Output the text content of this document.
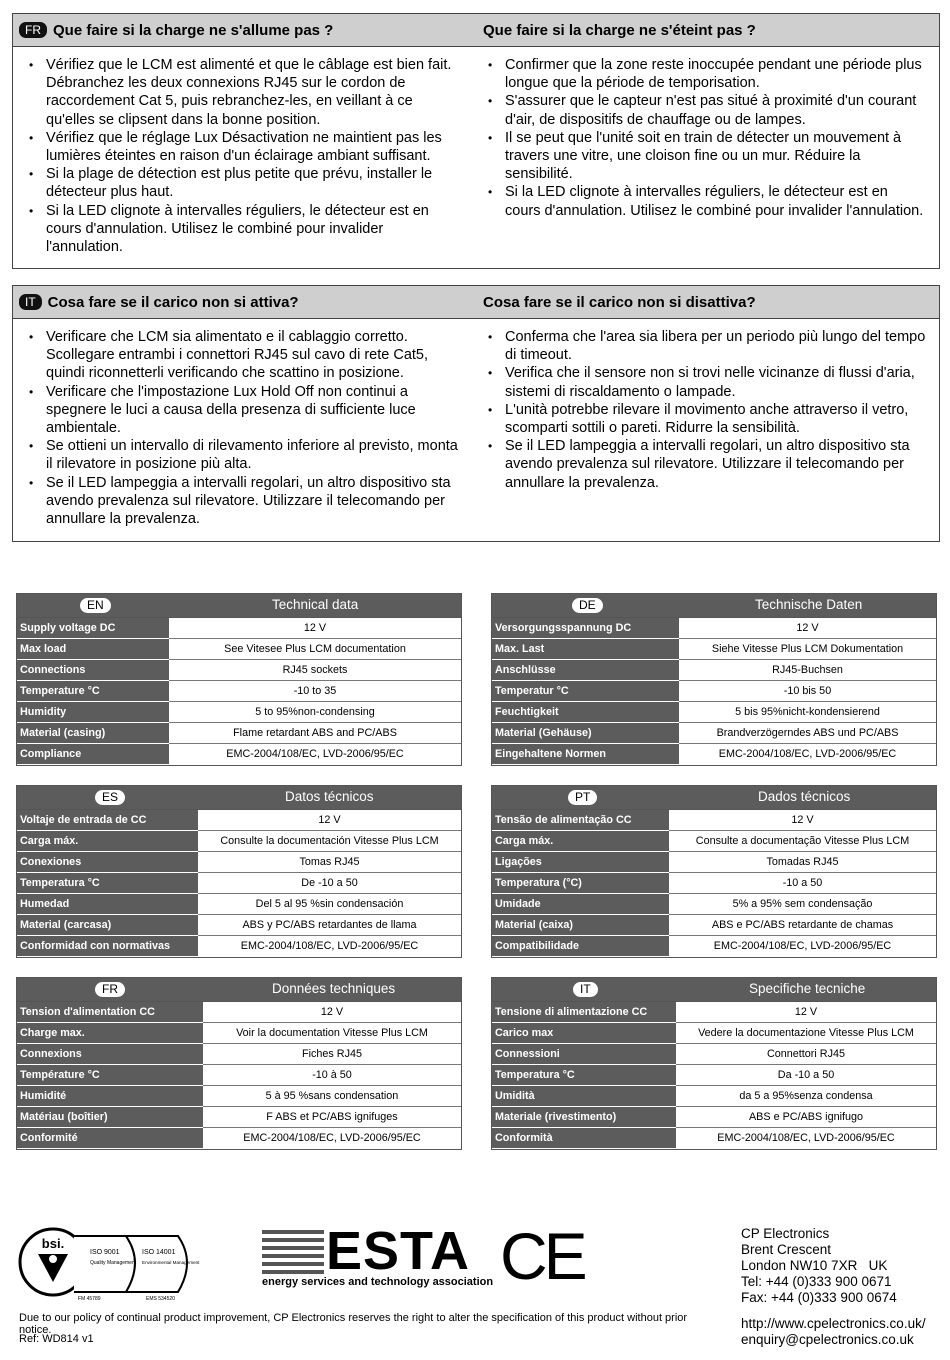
FR Que faire si la charge ne s'allume pas ?	Que faire si la charge ne s'éteint pas ?
• Vérifiez que le LCM est alimenté et que le câblage est bien fait. Débranchez les deux connexions RJ45 sur le cordon de raccordement Cat 5, puis rebranchez-les, en veillant à ce qu'elles se clipsent dans la bonne position.
• Vérifiez que le réglage Lux Désactivation ne maintient pas les lumières éteintes en raison d'un éclairage ambiant suffisant.
• Si la plage de détection est plus petite que prévu, installer le détecteur plus haut.
• Si la LED clignote à intervalles réguliers, le détecteur est en cours d'annulation. Utilisez le combiné pour invalider l'annulation.
• Confirmer que la zone reste inoccupée pendant une période plus longue que la période de temporisation.
• S'assurer que le capteur n'est pas situé à proximité d'un courant d'air, de dispositifs de chauffage ou de lampes.
• Il se peut que l'unité soit en train de détecter un mouvement à travers une vitre, une cloison fine ou un mur. Réduire la sensibilité.
• Si la LED clignote à intervalles réguliers, le détecteur est en cours d'annulation. Utilisez le combiné pour invalider l'annulation.
IT Cosa fare se il carico non si attiva?	Cosa fare se il carico non si disattiva?
• Verificare che LCM sia alimentato e il cablaggio corretto. Scollegare entrambi i connettori RJ45 sul cavo di rete Cat5, quindi riconnetterli verificando che scattino in posizione.
• Verificare che l'impostazione Lux Hold Off non continui a spegnere le luci a causa della presenza di sufficiente luce ambientale.
• Se ottieni un intervallo di rilevamento inferiore al previsto, monta il rilevatore in posizione più alta.
• Se il LED lampeggia a intervalli regolari, un altro dispositivo sta avendo prevalenza sul rilevatore. Utilizzare il telecomando per annullare la prevalenza.
• Conferma che l'area sia libera per un periodo più lungo del tempo di timeout.
• Verifica che il sensore non si trovi nelle vicinanze di flussi d'aria, sistemi di riscaldamento o lampade.
• L'unità potrebbe rilevare il movimento anche attraverso il vetro, scomparti sottili o pareti. Ridurre la sensibilità.
• Se il LED lampeggia a intervalli regolari, un altro dispositivo sta avendo prevalenza sul rilevatore. Utilizzare il telecomando per annullare la prevalenza.
EN	Technical data
Supply voltage DC	12 V
Max load	See Vitesee Plus LCM documentation
Connections	RJ45 sockets
Temperature °C	-10 to 35
Humidity	5 to 95%non-condensing
Material (casing)	Flame retardant ABS and PC/ABS
Compliance	EMC-2004/108/EC, LVD-2006/95/EC
DE	Technische Daten
Versorgungsspannung DC	12 V
Max. Last	Siehe Vitesse Plus LCM Dokumentation
Anschlüsse	RJ45-Buchsen
Temperatur °C	-10 bis 50
Feuchtigkeit	5 bis 95%nicht-kondensierend
Material (Gehäuse)	Brandverzögerndes ABS und PC/ABS
Eingehaltene Normen	EMC-2004/108/EC, LVD-2006/95/EC
ES	Datos técnicos
Voltaje de entrada de CC	12 V
Carga máx.	Consulte la documentación Vitesse Plus LCM
Conexiones	Tomas RJ45
Temperatura °C	De -10 a 50
Humedad	Del 5 al 95 %sin condensación
Material (carcasa)	ABS y PC/ABS retardantes de llama
Conformidad con normativas	EMC-2004/108/EC, LVD-2006/95/EC
PT	Dados técnicos
Tensão de alimentação CC	12 V
Carga máx.	Consulte a documentação Vitesse Plus LCM
Ligações	Tomadas RJ45
Temperatura (°C)	-10 a 50
Umidade	5% a 95% sem condensação
Material (caixa)	ABS e PC/ABS retardante de chamas
Compatibilidade	EMC-2004/108/EC, LVD-2006/95/EC
FR	Données techniques
Tension d'alimentation CC	12 V
Charge max.	Voir la documentation Vitesse Plus LCM
Connexions	Fiches RJ45
Température °C	-10 à 50
Humidité	5 à 95 %sans condensation
Matériau (boîtier)	F ABS et PC/ABS ignifuges
Conformité	EMC-2004/108/EC, LVD-2006/95/EC
IT	Specifiche tecniche
Tensione di alimentazione CC	12 V
Carico max	Vedere la documentazione Vitesse Plus LCM
Connessioni	Connettori RJ45
Temperatura °C	Da -10 a 50
Umidità	da 5 a 95%senza condensa
Materiale (rivestimento)	ABS e PC/ABS ignifugo
Conformità	EMC-2004/108/EC, LVD-2006/95/EC
bsi.
ISO 9001
Quality Management
ISO 14001
Environmental Management
FM 45789	EMS 534520
ESTA
energy services and technology association CE	CP Electronics
Brent Crescent
London NW10 7XR   UK
Tel: +44 (0)333 900 0671
Fax: +44 (0)333 900 0674
http://www.cpelectronics.co.uk/
enquiry@cpelectronics.co.uk
Due to our policy of continual product improvement, CP Electronics reserves the right to alter the specification of this product without prior notice.
Ref: WD814 v1
